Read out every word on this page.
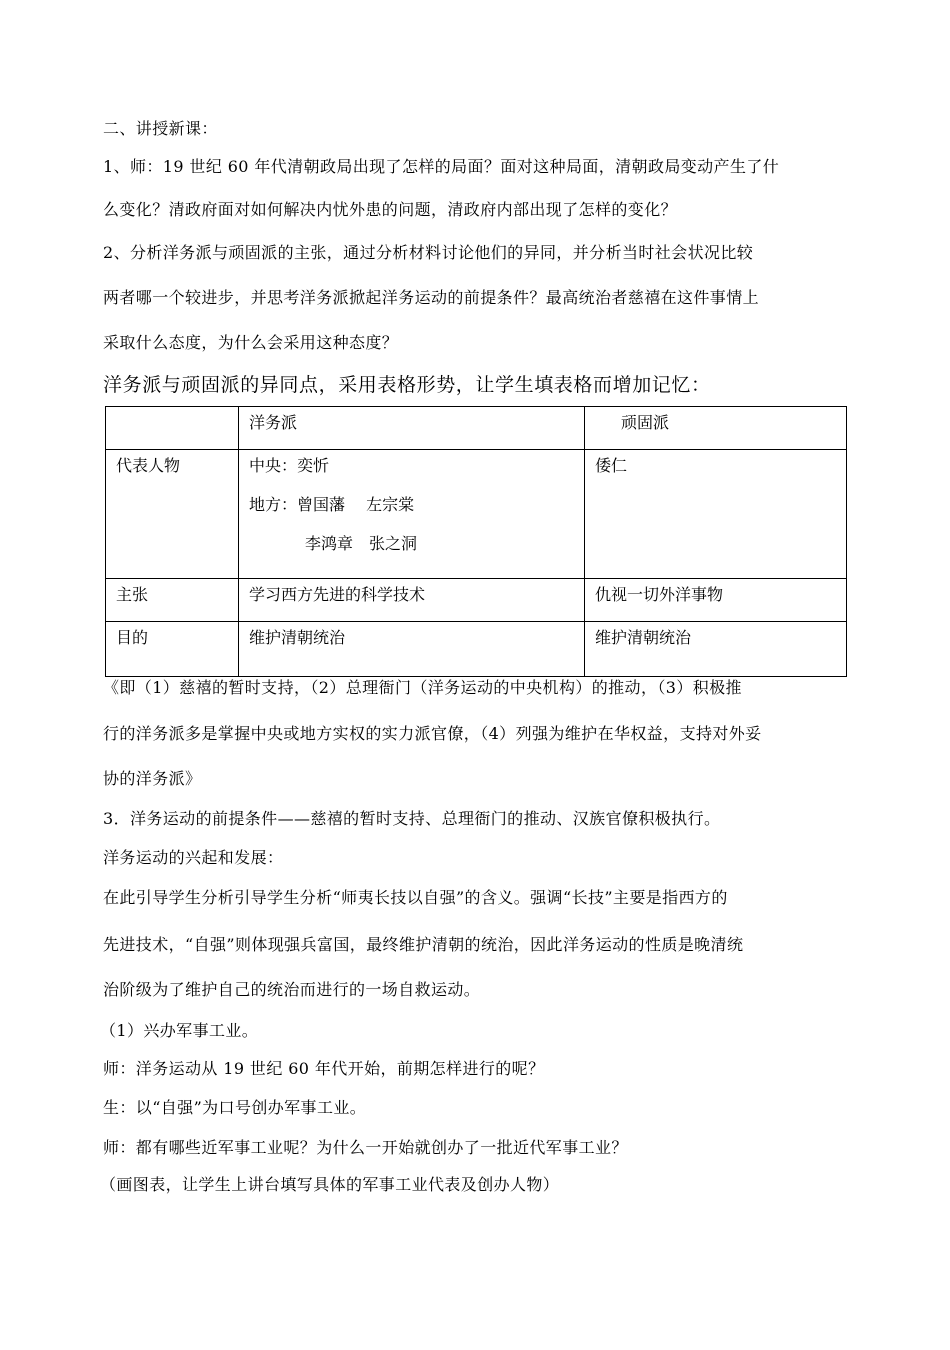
二、讲授新课：
1、师：19 世纪 60 年代清朝政局出现了怎样的局面？面对这种局面，清朝政局变动产生了什
么变化？清政府面对如何解决内忧外患的问题，清政府内部出现了怎样的变化？
2、分析洋务派与顽固派的主张，通过分析材料讨论他们的异同，并分析当时社会状况比较
两者哪一个较进步，并思考洋务派掀起洋务运动的前提条件？最高统治者慈禧在这件事情上
采取什么态度，为什么会采用这种态度？
洋务派与顽固派的异同点，采用表格形势，让学生填表格而增加记忆：
	洋务派	顽固派
代表人物	中央：奕忻
地方：曾国藩　 左宗棠
李鸿章　张之洞	倭仁
主张	学习西方先进的科学技术	仇视一切外洋事物
目的	维护清朝统治	维护清朝统治
《即（1）慈禧的暂时支持，（2）总理衙门（洋务运动的中央机构）的推动，（3）积极推
行的洋务派多是掌握中央或地方实权的实力派官僚，（4）列强为维护在华权益，支持对外妥
协的洋务派》
3．洋务运动的前提条件——慈禧的暂时支持、总理衙门的推动、汉族官僚积极执行。
洋务运动的兴起和发展：
在此引导学生分析引导学生分析“师夷长技以自强”的含义。强调“长技”主要是指西方的
先进技术，“自强”则体现强兵富国，最终维护清朝的统治，因此洋务运动的性质是晚清统
治阶级为了维护自己的统治而进行的一场自救运动。
（1）兴办军事工业。
师：洋务运动从 19 世纪 60 年代开始，前期怎样进行的呢？
生：以“自强”为口号创办军事工业。
师：都有哪些近军事工业呢？为什么一开始就创办了一批近代军事工业？
（画图表，让学生上讲台填写具体的军事工业代表及创办人物）
